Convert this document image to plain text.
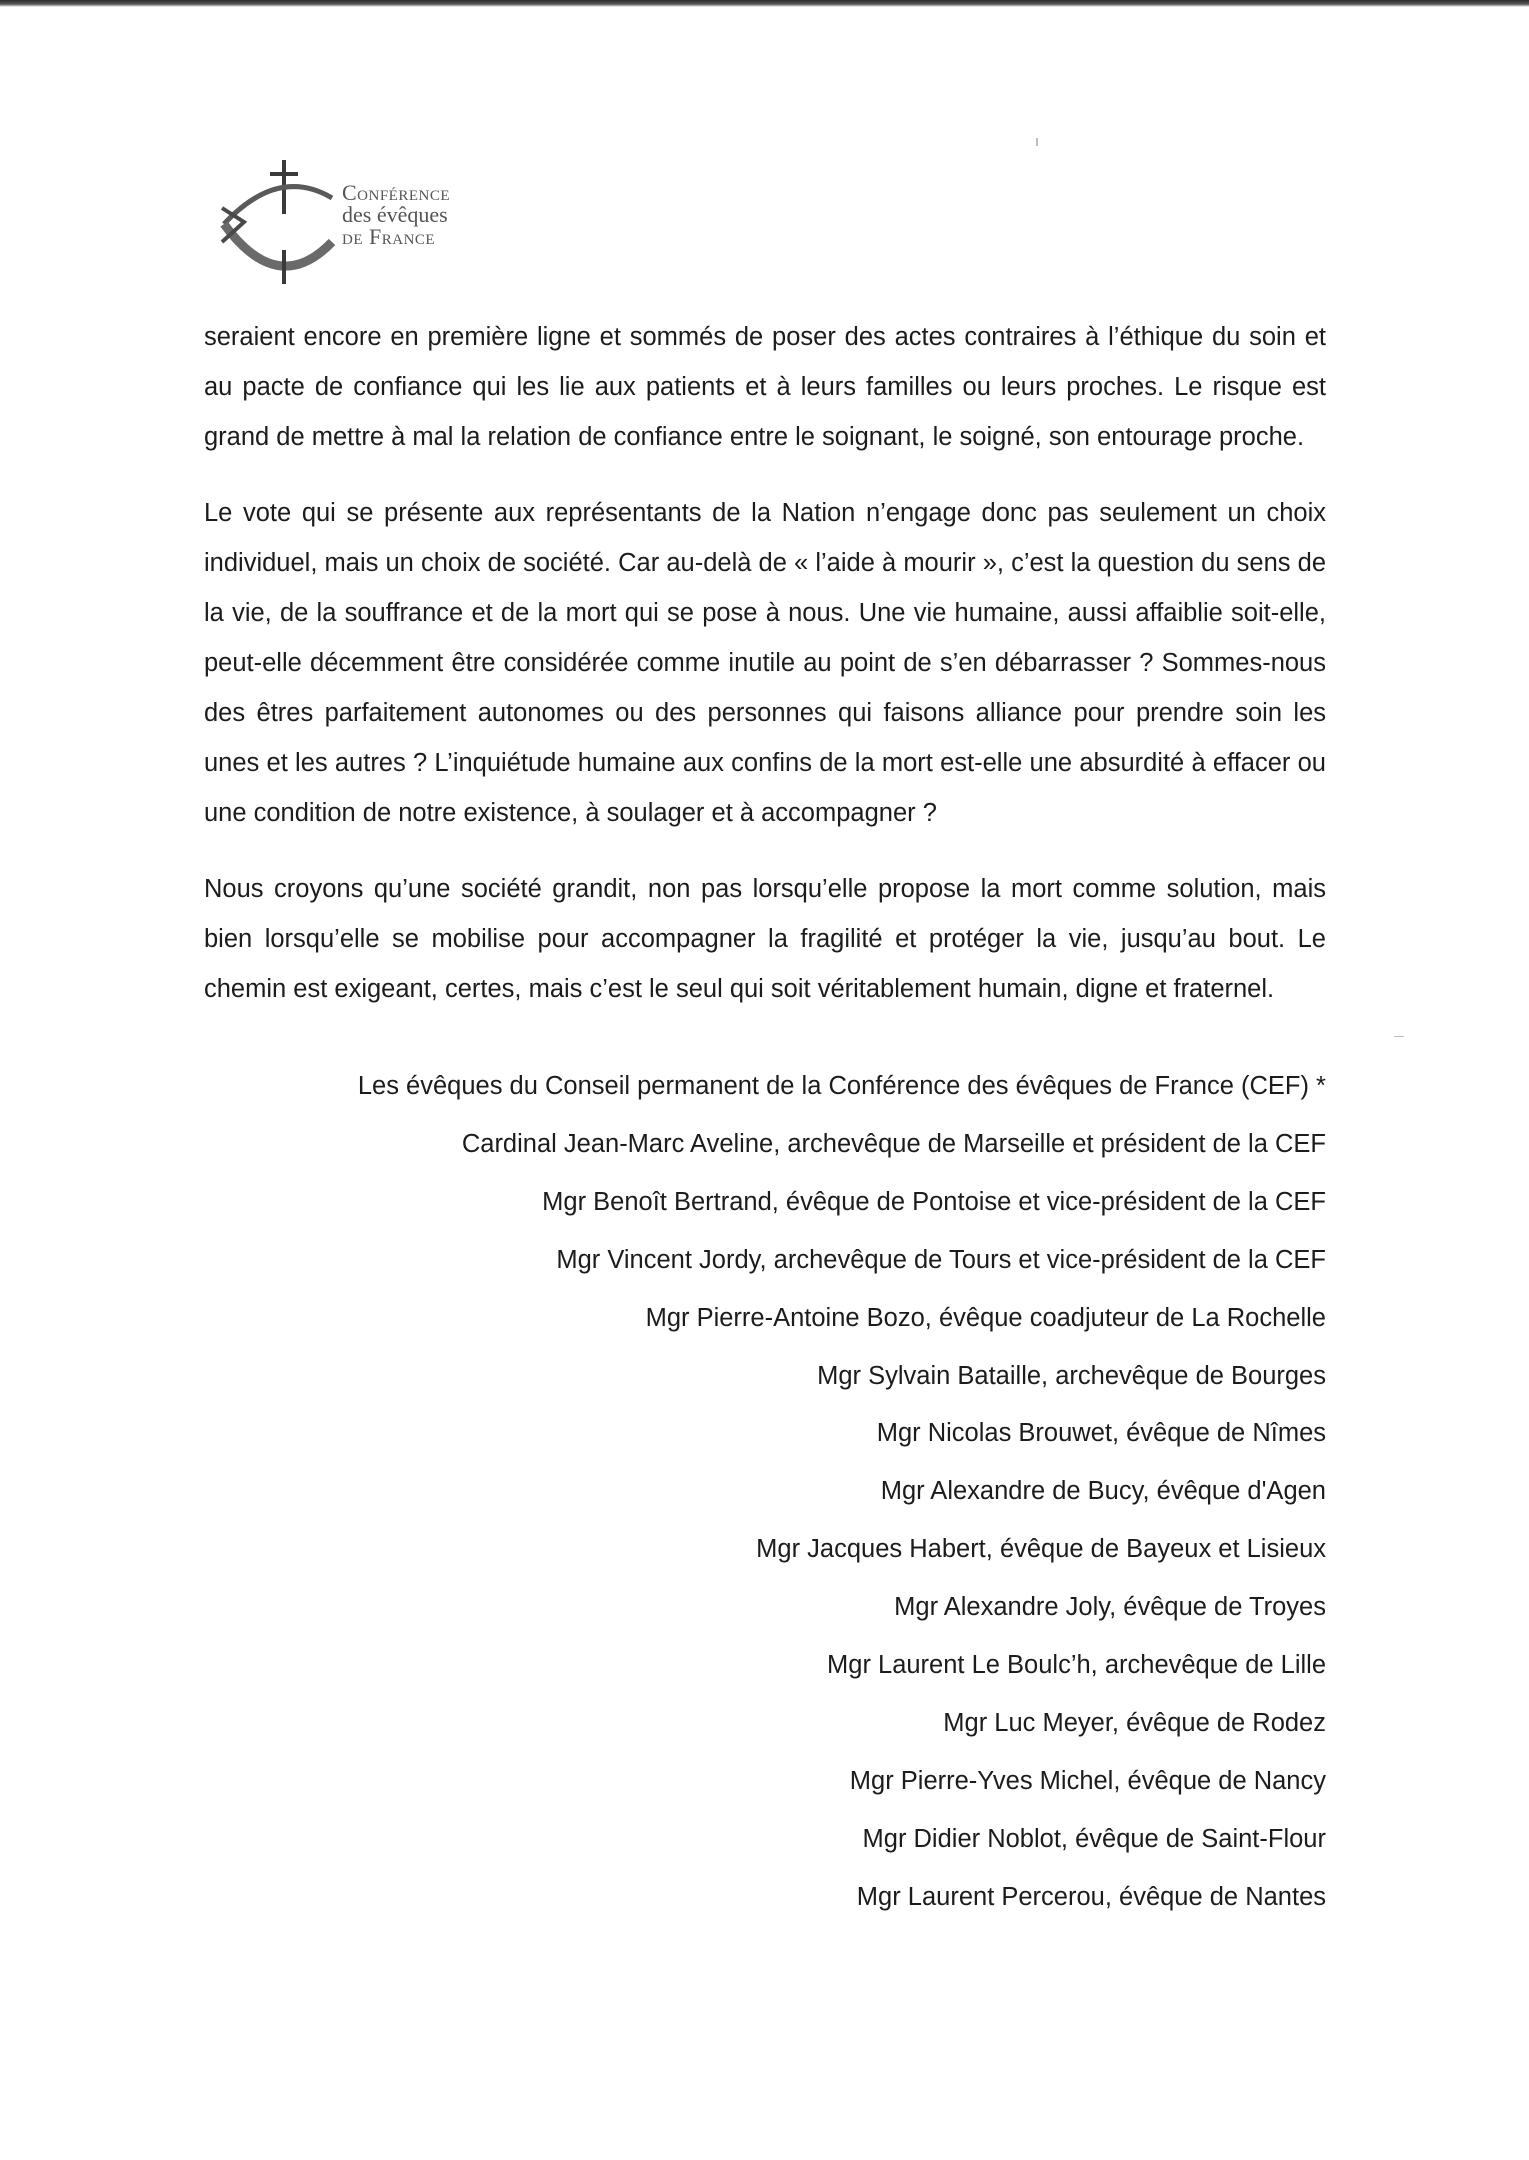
Conférence
des évêques
de France

seraient encore en première ligne et sommés de poser des actes contraires à l’éthique du soin et au pacte de confiance qui les lie aux patients et à leurs familles ou leurs proches. Le risque est grand de mettre à mal la relation de confiance entre le soignant, le soigné, son entourage proche.

Le vote qui se présente aux représentants de la Nation n’engage donc pas seulement un choix individuel, mais un choix de société. Car au-delà de « l’aide à mourir », c’est la question du sens de la vie, de la souffrance et de la mort qui se pose à nous. Une vie humaine, aussi affaiblie soit-elle, peut-elle décemment être considérée comme inutile au point de s’en débarrasser ? Sommes-nous des êtres parfaitement autonomes ou des personnes qui faisons alliance pour prendre soin les unes et les autres ? L’inquiétude humaine aux confins de la mort est-elle une absurdité à effacer ou une condition de notre existence, à soulager et à accompagner ?

Nous croyons qu’une société grandit, non pas lorsqu’elle propose la mort comme solution, mais bien lorsqu’elle se mobilise pour accompagner la fragilité et protéger la vie, jusqu’au bout. Le chemin est exigeant, certes, mais c’est le seul qui soit véritablement humain, digne et fraternel.

Les évêques du Conseil permanent de la Conférence des évêques de France (CEF) *
Cardinal Jean-Marc Aveline, archevêque de Marseille et président de la CEF
Mgr Benoît Bertrand, évêque de Pontoise et vice-président de la CEF
Mgr Vincent Jordy, archevêque de Tours et vice-président de la CEF
Mgr Pierre-Antoine Bozo, évêque coadjuteur de La Rochelle
Mgr Sylvain Bataille, archevêque de Bourges
Mgr Nicolas Brouwet, évêque de Nîmes
Mgr Alexandre de Bucy, évêque d'Agen
Mgr Jacques Habert, évêque de Bayeux et Lisieux
Mgr Alexandre Joly, évêque de Troyes
Mgr Laurent Le Boulc’h, archevêque de Lille
Mgr Luc Meyer, évêque de Rodez
Mgr Pierre-Yves Michel, évêque de Nancy
Mgr Didier Noblot, évêque de Saint-Flour
Mgr Laurent Percerou, évêque de Nantes
